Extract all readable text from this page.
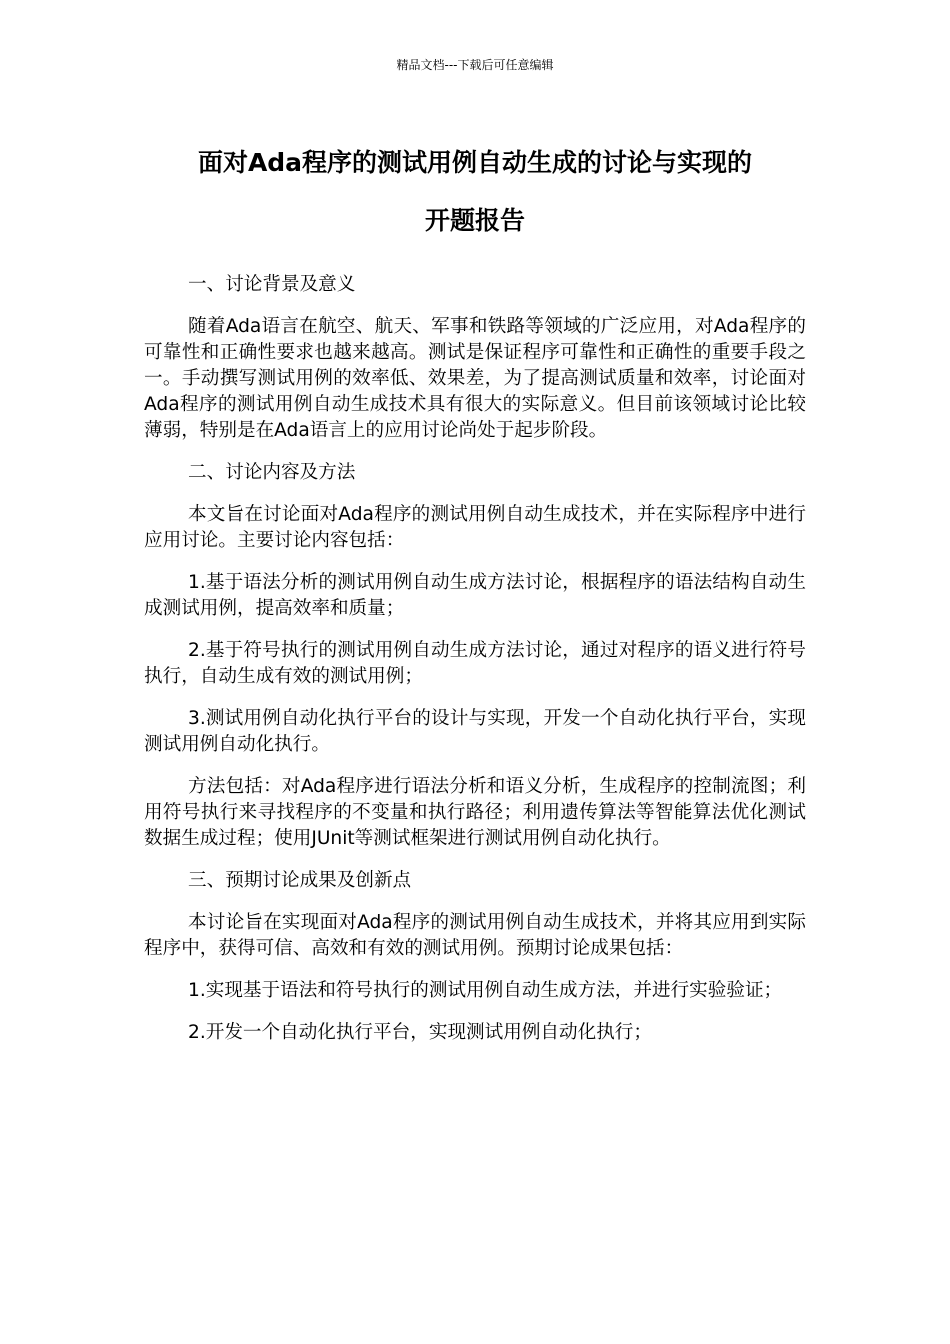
精品文档---下载后可任意编辑
面对Ada程序的测试用例自动生成的讨论与实现的
开题报告

一、讨论背景及意义

随着Ada语言在航空、航天、军事和铁路等领域的广泛应用，对Ada程序的可靠性和正确性要求也越来越高。测试是保证程序可靠性和正确性的重要手段之一。手动撰写测试用例的效率低、效果差，为了提高测试质量和效率，讨论面对Ada程序的测试用例自动生成技术具有很大的实际意义。但目前该领域讨论比较薄弱，特别是在Ada语言上的应用讨论尚处于起步阶段。

二、讨论内容及方法

本文旨在讨论面对Ada程序的测试用例自动生成技术，并在实际程序中进行应用讨论。主要讨论内容包括：

1.基于语法分析的测试用例自动生成方法讨论，根据程序的语法结构自动生成测试用例，提高效率和质量；

2.基于符号执行的测试用例自动生成方法讨论，通过对程序的语义进行符号执行，自动生成有效的测试用例；

3.测试用例自动化执行平台的设计与实现，开发一个自动化执行平台，实现测试用例自动化执行。

方法包括：对Ada程序进行语法分析和语义分析，生成程序的控制流图；利用符号执行来寻找程序的不变量和执行路径；利用遗传算法等智能算法优化测试数据生成过程；使用JUnit等测试框架进行测试用例自动化执行。

三、预期讨论成果及创新点

本讨论旨在实现面对Ada程序的测试用例自动生成技术，并将其应用到实际程序中，获得可信、高效和有效的测试用例。预期讨论成果包括：

1.实现基于语法和符号执行的测试用例自动生成方法，并进行实验验证；

2.开发一个自动化执行平台，实现测试用例自动化执行；
